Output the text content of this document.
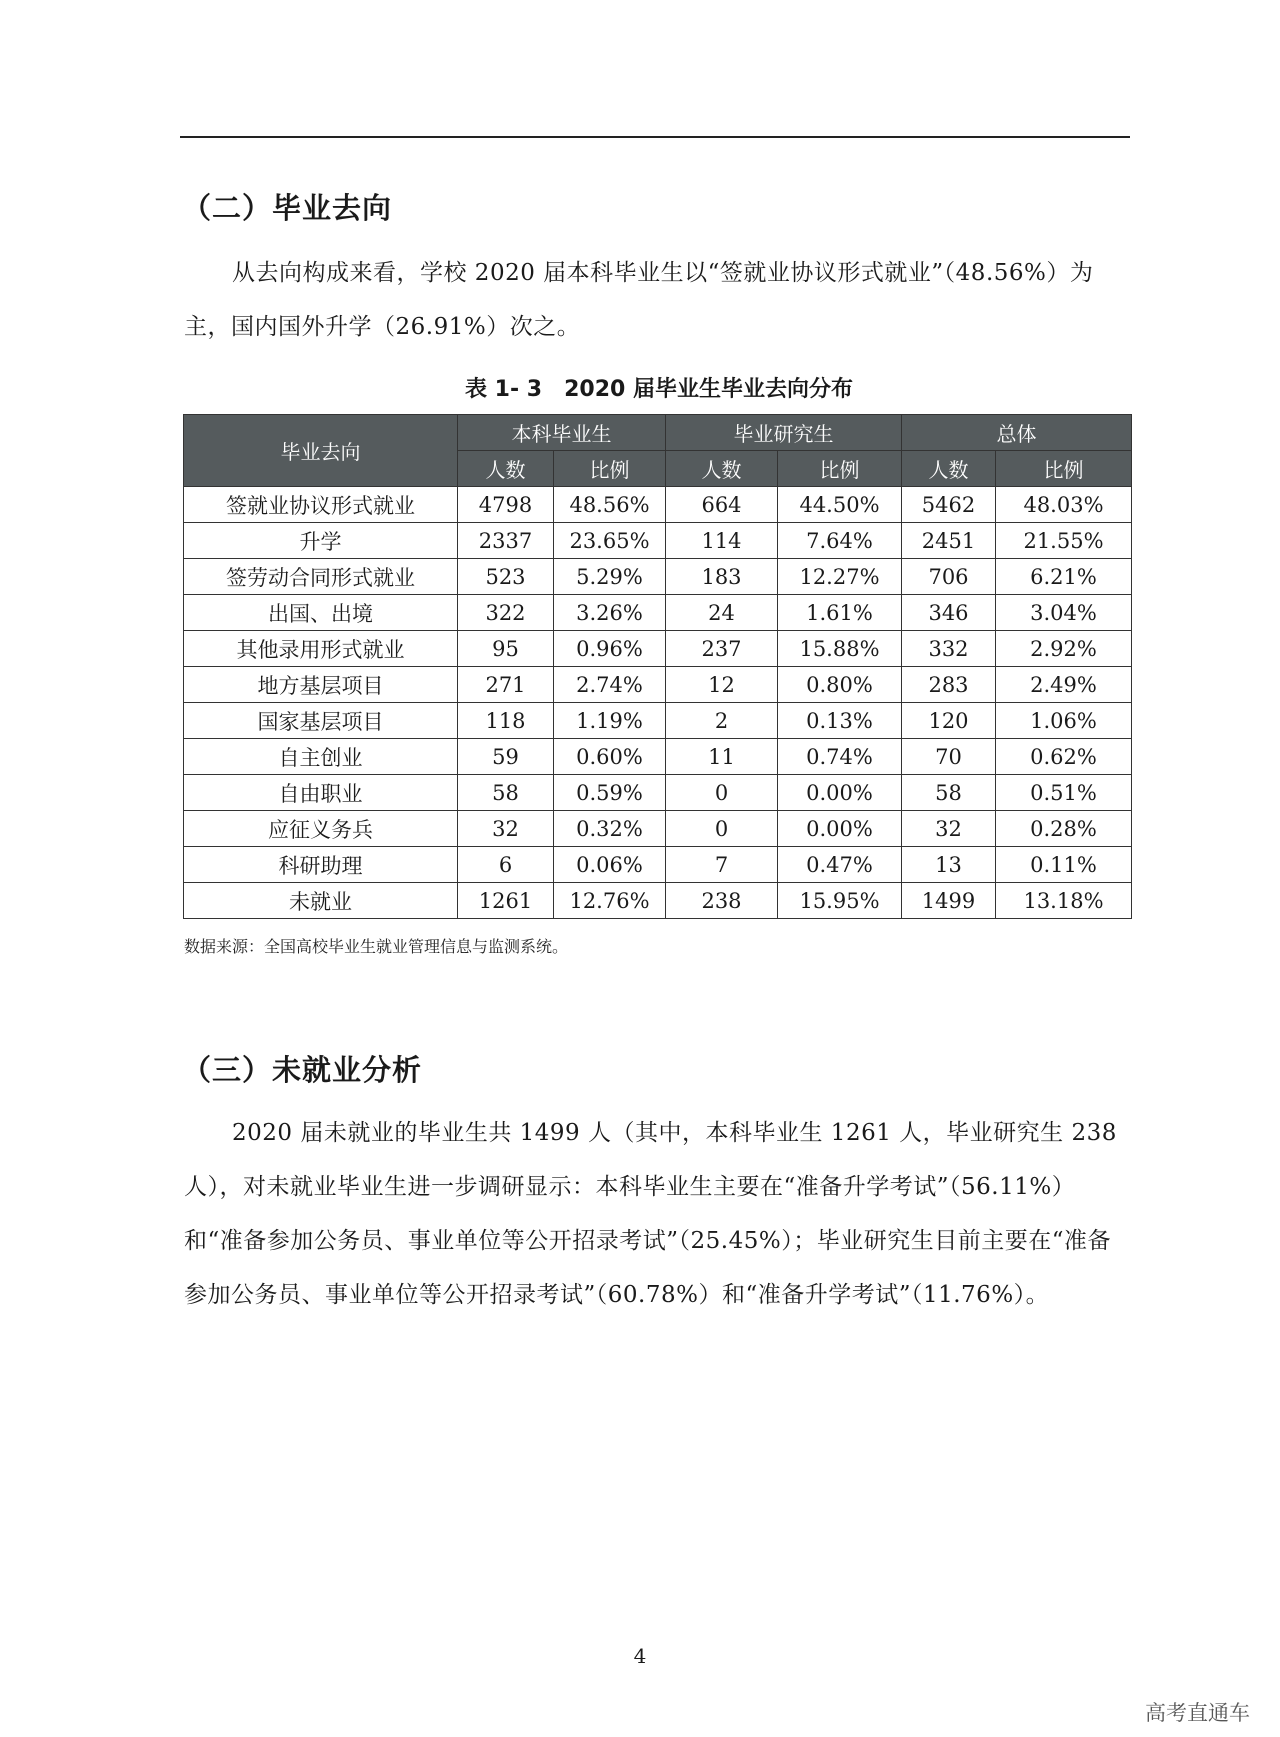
（二）毕业去向
从去向构成来看，学校 2020 届本科毕业生以“签就业协议形式就业”（48.56%）为主，国内国外升学（26.91%）次之。
表 1- 3　2020 届毕业生毕业去向分布
毕业去向	本科毕业生		毕业研究生		总体	
	人数	比例	人数	比例	人数	比例
签就业协议形式就业	4798	48.56%	664	44.50%	5462	48.03%
升学	2337	23.65%	114	7.64%	2451	21.55%
签劳动合同形式就业	523	5.29%	183	12.27%	706	6.21%
出国、出境	322	3.26%	24	1.61%	346	3.04%
其他录用形式就业	95	0.96%	237	15.88%	332	2.92%
地方基层项目	271	2.74%	12	0.80%	283	2.49%
国家基层项目	118	1.19%	2	0.13%	120	1.06%
自主创业	59	0.60%	11	0.74%	70	0.62%
自由职业	58	0.59%	0	0.00%	58	0.51%
应征义务兵	32	0.32%	0	0.00%	32	0.28%
科研助理	6	0.06%	7	0.47%	13	0.11%
未就业	1261	12.76%	238	15.95%	1499	13.18%
数据来源：全国高校毕业生就业管理信息与监测系统。
（三）未就业分析
2020 届未就业的毕业生共 1499 人（其中，本科毕业生 1261 人，毕业研究生 238 人），对未就业毕业生进一步调研显示：本科毕业生主要在“准备升学考试”（56.11%）和“准备参加公务员、事业单位等公开招录考试”（25.45%）；毕业研究生目前主要在“准备参加公务员、事业单位等公开招录考试”（60.78%）和“准备升学考试”（11.76%）。
4
高考直通车
